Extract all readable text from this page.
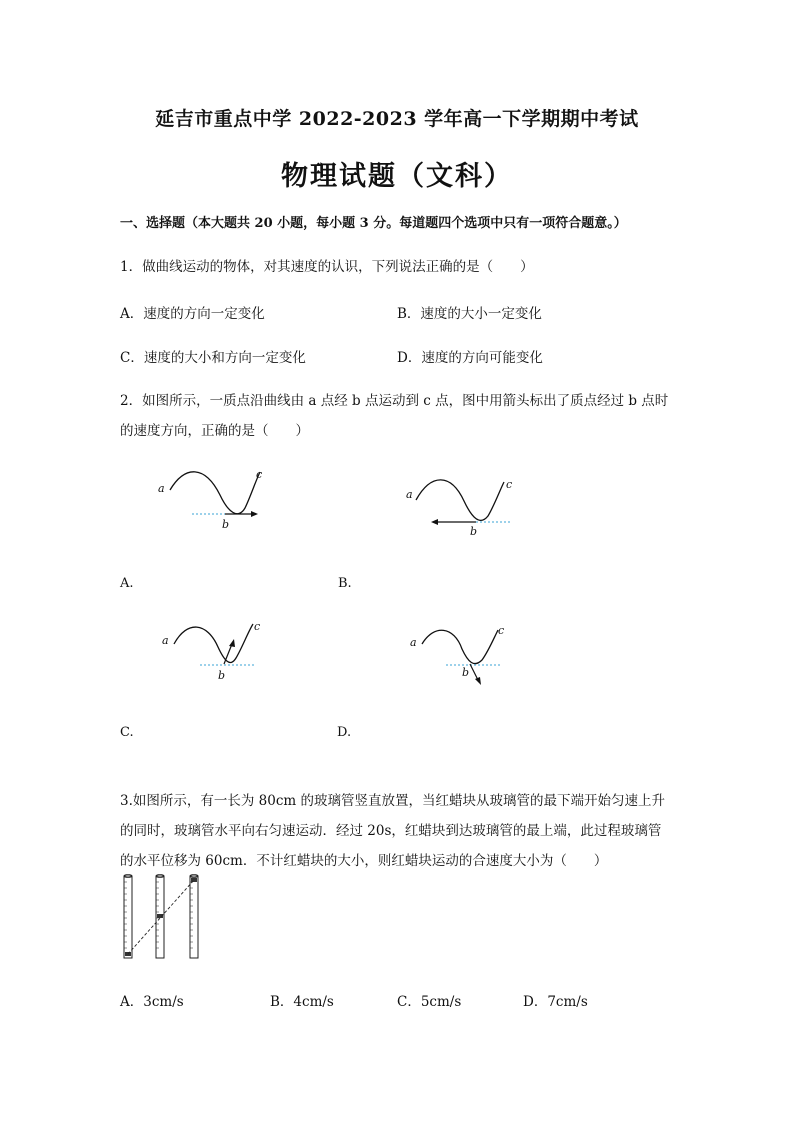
延吉市重点中学 2022-2023 学年高一下学期期中考试
物理试题（文科）
一、选择题（本大题共 20 小题，每小题 3 分。每道题四个选项中只有一项符合题意。）
1．做曲线运动的物体，对其速度的认识，下列说法正确的是（　　）
A．速度的方向一定变化	B．速度的大小一定变化
C．速度的大小和方向一定变化	D．速度的方向可能变化
2．如图所示，一质点沿曲线由 a 点经 b 点运动到 c 点，图中用箭头标出了质点经过 b 点时
的速度方向，正确的是（　　）
a
c
b
a
c
b
A.	B.
a
c
b
a
c
b
C.	D.
3.如图所示，有一长为 80cm 的玻璃管竖直放置，当红蜡块从玻璃管的最下端开始匀速上升
的同时，玻璃管水平向右匀速运动．经过 20s，红蜡块到达玻璃管的最上端，此过程玻璃管
的水平位移为 60cm．不计红蜡块的大小，则红蜡块运动的合速度大小为（　　）
A．3cm/s	B．4cm/s	C．5cm/s	D．7cm/s
